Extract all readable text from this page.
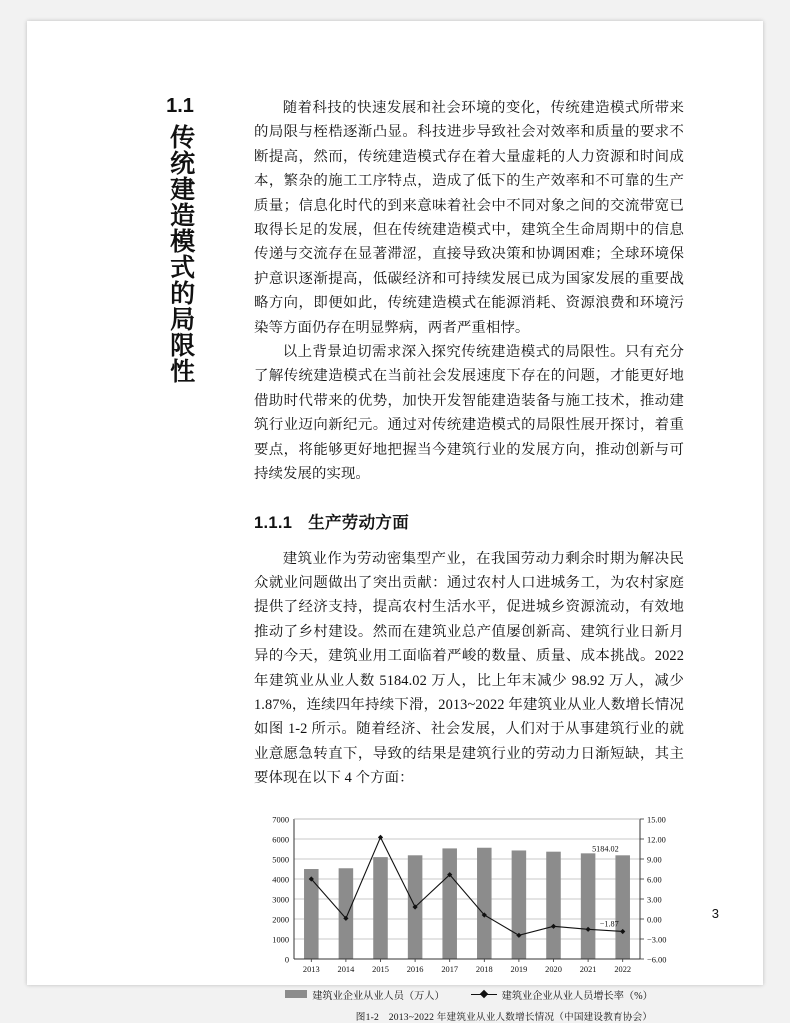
1.1
传统建造模式的局限性

随着科技的快速发展和社会环境的变化，传统建造模式所带来的局限与桎梏逐渐凸显。科技进步导致社会对效率和质量的要求不断提高，然而，传统建造模式存在着大量虚耗的人力资源和时间成本，繁杂的施工工序特点，造成了低下的生产效率和不可靠的生产质量；信息化时代的到来意味着社会中不同对象之间的交流带宽已取得长足的发展，但在传统建造模式中，建筑全生命周期中的信息传递与交流存在显著滞涩，直接导致决策和协调困难；全球环境保护意识逐渐提高，低碳经济和可持续发展已成为国家发展的重要战略方向，即便如此，传统建造模式在能源消耗、资源浪费和环境污染等方面仍存在明显弊病，两者严重相悖。

以上背景迫切需求深入探究传统建造模式的局限性。只有充分了解传统建造模式在当前社会发展速度下存在的问题，才能更好地借助时代带来的优势，加快开发智能建造装备与施工技术，推动建筑行业迈向新纪元。通过对传统建造模式的局限性展开探讨，着重要点，将能够更好地把握当今建筑行业的发展方向，推动创新与可持续发展的实现。

1.1.1 生产劳动方面

建筑业作为劳动密集型产业，在我国劳动力剩余时期为解决民众就业问题做出了突出贡献：通过农村人口进城务工，为农村家庭提供了经济支持，提高农村生活水平，促进城乡资源流动，有效地推动了乡村建设。然而在建筑业总产值屡创新高、建筑行业日新月异的今天，建筑业用工面临着严峻的数量、质量、成本挑战。2022 年建筑业从业人数 5184.02 万人，比上年末减少 98.92 万人，减少 1.87%，连续四年持续下滑，2013~2022 年建筑业从业人数增长情况如图 1-2 所示。随着经济、社会发展，人们对于从事建筑行业的就业意愿急转直下，导致的结果是建筑行业的劳动力日渐短缺，其主要体现在以下 4 个方面：

0
1000
2000
3000
4000
5000
6000
7000
−6.00
−3.00
0.00
3.00
6.00
9.00
12.00
15.00
2013 2014 2015 2016 2017 2018 2019 2020 2021 2022
5184.02
−1.87
建筑业企业从业人员（万人）	建筑业企业从业人员增长率（%）
图1-2　2013~2022 年建筑业从业人数增长情况（中国建设教育协会）
3
